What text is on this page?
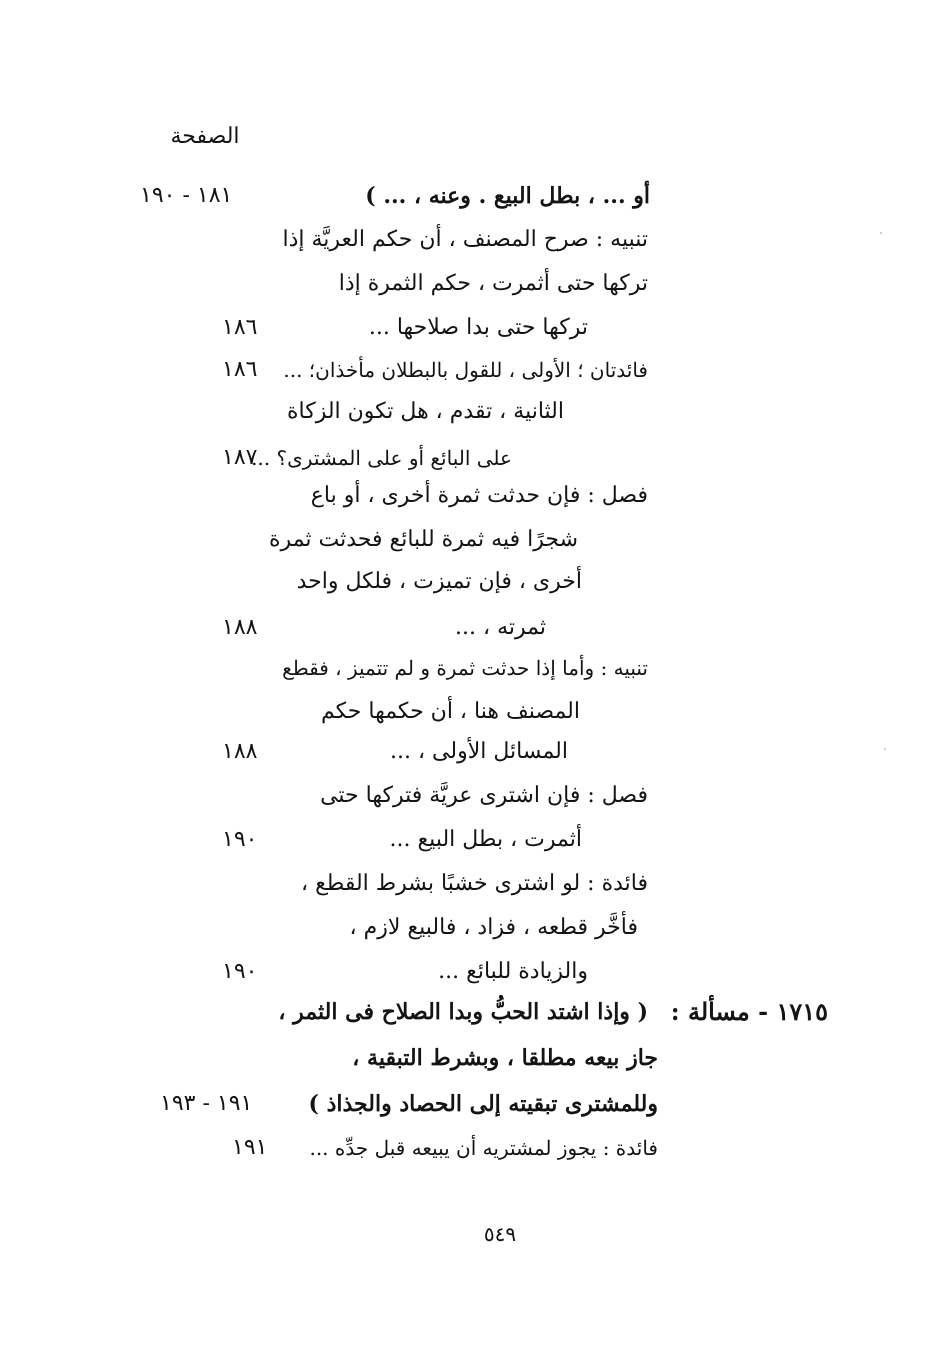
الصفحة
أو ... ، بطل البيع . وعنه ، ... )
١٨١ - ١٩٠
تنبيه : صرح المصنف ، أن حكم العريَّة إذا
تركها حتى أثمرت ، حكم الثمرة إذا
تركها حتى بدا صلاحها ...
١٨٦
فائدتان ؛ الأولى ، للقول بالبطلان مأخذان؛ ...
١٨٦
الثانية ، تقدم ، هل تكون الزكاة
على البائع أو على المشترى؟ ...
١٨٧
فصل : فإن حدثت ثمرة أخرى ، أو باع
شجرًا فيه ثمرة للبائع فحدثت ثمرة
أخرى ، فإن تميزت ، فلكل واحد
ثمرته ، ...
١٨٨
تنبيه : وأما إذا حدثت ثمرة و لم تتميز ، فقطع
المصنف هنا ، أن حكمها حكم
المسائل الأولى ، ...
١٨٨
فصل : فإن اشترى عريَّة فتركها حتى
أثمرت ، بطل البيع ...
١٩٠
فائدة : لو اشترى خشبًا بشرط القطع ،
فأخَّر قطعه ، فزاد ، فالبيع لازم ،
والزيادة للبائع ...
١٩٠
١٧١٥ - مسألة :
( وإذا اشتد الحبُّ وبدا الصلاح فى الثمر ،
جاز بيعه مطلقا ، وبشرط التبقية ،
وللمشترى تبقيته إلى الحصاد والجذاذ )
١٩١ - ١٩٣
فائدة : يجوز لمشتريه أن يبيعه قبل جدِّه ...
١٩١
٥٤٩
